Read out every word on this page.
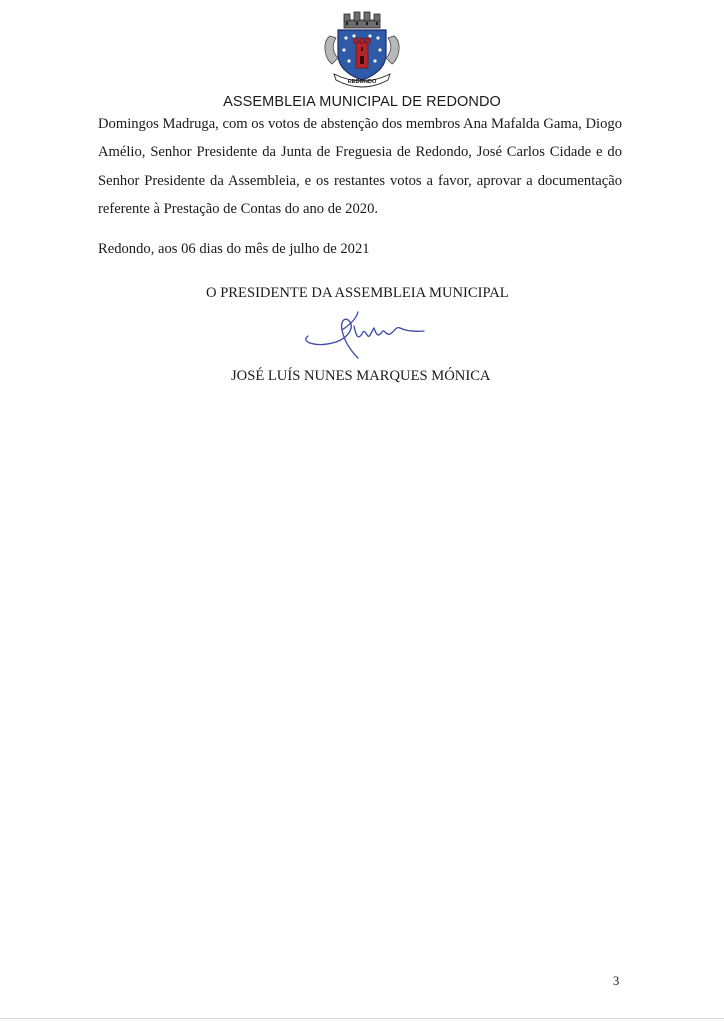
REDONDO
ASSEMBLEIA MUNICIPAL DE REDONDO

Domingos Madruga, com os votos de abstenção dos membros Ana Mafalda Gama, Diogo Amélio, Senhor Presidente da Junta de Freguesia de Redondo, José Carlos Cidade e do Senhor Presidente da Assembleia, e os restantes votos a favor, aprovar a documentação referente à Prestação de Contas do ano de 2020.

Redondo, aos 06 dias do mês de julho de 2021

O PRESIDENTE DA ASSEMBLEIA MUNICIPAL

JOSÉ LUÍS NUNES MARQUES MÓNICA

3
